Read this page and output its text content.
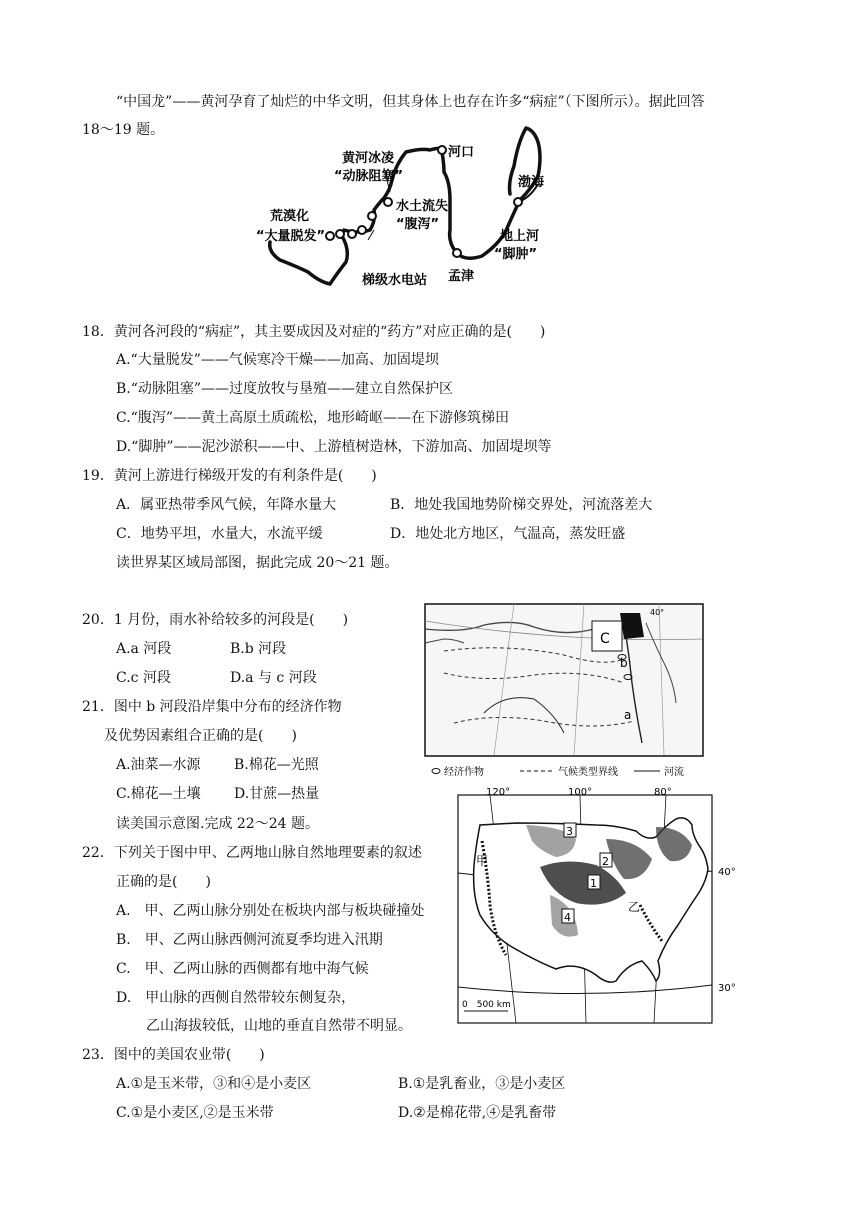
“中国龙”——黄河孕育了灿烂的中华文明，但其身体上也存在许多“病症”（下图所示）。据此回答
18～19 题。
黄河冰凌
“动脉阻塞”
河口
渤海
荒漠化
“大量脱发”
水土流失
“腹泻”
地上河
“脚肿”
梯级水电站 孟津
18．黄河各河段的“病症”，其主要成因及对症的“药方”对应正确的是(　　)
A.“大量脱发”——气候寒冷干燥——加高、加固堤坝
B.“动脉阻塞”——过度放牧与垦殖——建立自然保护区
C.“腹泻”——黄土高原土质疏松，地形崎岖——在下游修筑梯田
D.“脚肿”——泥沙淤积——中、上游植树造林，下游加高、加固堤坝等
19．黄河上游进行梯级开发的有利条件是(　　)
A．属亚热带季风气候，年降水量大	B．地处我国地势阶梯交界处，河流落差大
C．地势平坦，水量大，水流平缓	D．地处北方地区，气温高，蒸发旺盛
读世界某区域局部图，据此完成 20～21 题。
20．1 月份，雨水补给较多的河段是(　　)
A.a 河段	B.b 河段
C.c 河段	D.a 与 c 河段
21．图中 b 河段沿岸集中分布的经济作物
及优势因素组合正确的是(　　)
A.油菜—水源 B.棉花—光照
C.棉花—土壤 D.甘蔗—热量
C
b
a
40°
经济作物	气候类型界线	河流
读美国示意图.完成 22～24 题。
22．下列关于图中甲、乙两地山脉自然地理要素的叙述
正确的是(　　)
A.　甲、乙两山脉分别处在板块内部与板块碰撞处
B.　甲、乙两山脉西侧河流夏季均进入汛期
C.　甲、乙两山脉的西侧都有地中海气候
D.　甲山脉的西侧自然带较东侧复杂，
乙山海拔较低，山地的垂直自然带不明显。
3
2
1
4
甲
乙
120°	100°	80°
40°
30°
0　500 km
23．图中的美国农业带(　　)
A.①是玉米带，③和④是小麦区	B.①是乳畜业，③是小麦区
C.①是小麦区,②是玉米带	D.②是棉花带,④是乳畜带
